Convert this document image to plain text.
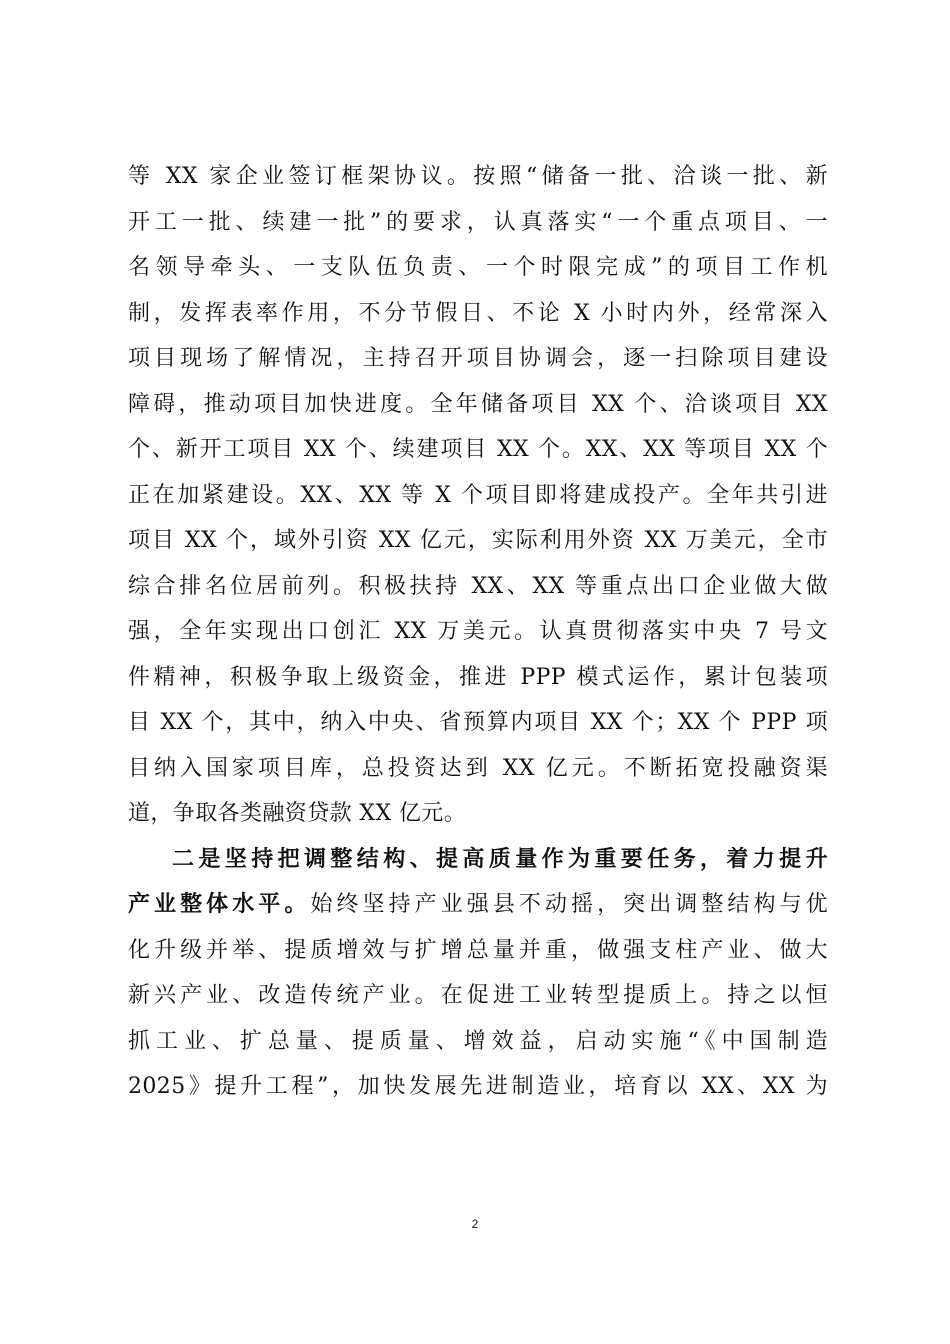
等 XX 家企业签订框架协议。按照“储备一批、洽谈一批、新
开工一批、续建一批”的要求，认真落实“一个重点项目、一
名领导牵头、一支队伍负责、一个时限完成”的项目工作机
制，发挥表率作用，不分节假日、不论 X 小时内外，经常深入
项目现场了解情况，主持召开项目协调会，逐一扫除项目建设
障碍，推动项目加快进度。全年储备项目 XX 个、洽谈项目 XX
个、新开工项目 XX 个、续建项目 XX 个。XX、XX 等项目 XX 个
正在加紧建设。XX、XX 等 X 个项目即将建成投产。全年共引进
项目 XX 个，域外引资 XX 亿元，实际利用外资 XX 万美元，全市
综合排名位居前列。积极扶持 XX、XX 等重点出口企业做大做
强，全年实现出口创汇 XX 万美元。认真贯彻落实中央 7 号文
件精神，积极争取上级资金，推进 PPP 模式运作，累计包装项
目 XX 个，其中，纳入中央、省预算内项目 XX 个；XX 个 PPP 项
目纳入国家项目库，总投资达到 XX 亿元。不断拓宽投融资渠
道，争取各类融资贷款 XX 亿元。
二是坚持把调整结构、提高质量作为重要任务，着力提升
产业整体水平。始终坚持产业强县不动摇，突出调整结构与优
化升级并举、提质增效与扩增总量并重，做强支柱产业、做大
新兴产业、改造传统产业。在促进工业转型提质上。持之以恒
抓工业、扩总量、提质量、增效益，启动实施“《中国制造
2025》提升工程”，加快发展先进制造业，培育以 XX、XX 为
2
